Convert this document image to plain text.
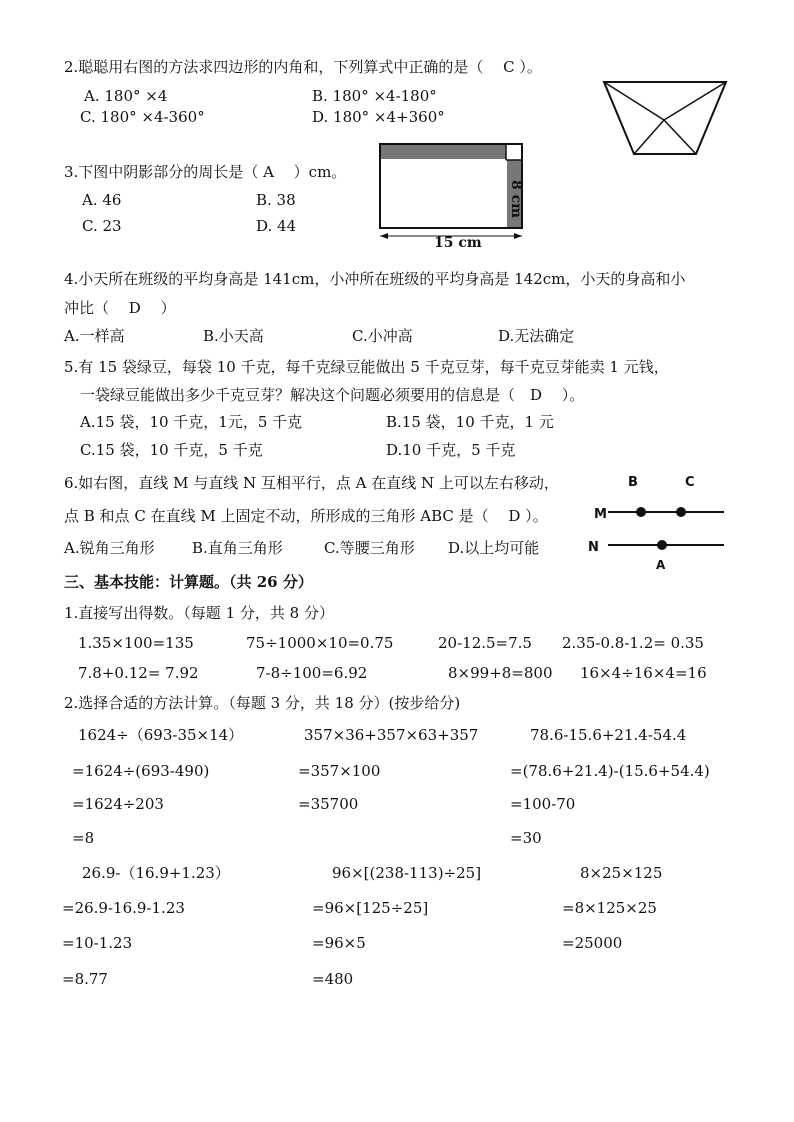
2.聪聪用右图的方法求四边形的内角和，下列算式中正确的是（　 C ）。
A. 180° ×4	B. 180° ×4-180°
C. 180° ×4-360°	D. 180° ×4+360°
3.下图中阴影部分的周长是（ A 　）cm。
A. 46	B. 38
C. 23	D. 44
15 cm
8 cm
4.小天所在班级的平均身高是 141cm，小冲所在班级的平均身高是 142cm，小天的身高和小
冲比（　 D　 ）
A.一样高	B.小天高	C.小冲高	D.无法确定
5.有 15 袋绿豆，每袋 10 千克，每千克绿豆能做出 5 千克豆芽，每千克豆芽能卖 1 元钱，
一袋绿豆能做出多少千克豆芽？解决这个问题必须要用的信息是（　D　 ）。
A.15 袋，10 千克，1元，5 千克	B.15 袋，10 千克，1 元
C.15 袋，10 千克，5 千克	D.10 千克，5 千克
6.如右图，直线 M 与直线 N 互相平行，点 A 在直线 N 上可以左右移动，
点 B 和点 C 在直线 M 上固定不动，所形成的三角形 ABC 是（　 D ）。
A.锐角三角形 B.直角三角形	C.等腰三角形 D.以上均可能
B	C
M
N
A
三、基本技能：计算题。（共 26 分）
1.直接写出得数。（每题 1 分，共 8 分）
1.35×100=135	75÷1000×10=0.75	20-12.5=7.5 2.35-0.8-1.2= 0.35
7.8+0.12= 7.92	7-8÷100=6.92	8×99+8=800 16×4÷16×4=16
2.选择合适的方法计算。（每题 3 分，共 18 分）(按步给分)
1624÷（693-35×14）
=1624÷(693-490)
=1624÷203
=8
357×36+357×63+357
=357×100
=35700
78.6-15.6+21.4-54.4
=(78.6+21.4)-(15.6+54.4)
=100-70
=30
26.9-（16.9+1.23）
=26.9-16.9-1.23
=10-1.23
=8.77
96×[(238-113)÷25]
=96×[125÷25]
=96×5
=480
8×25×125
=8×125×25
=25000
